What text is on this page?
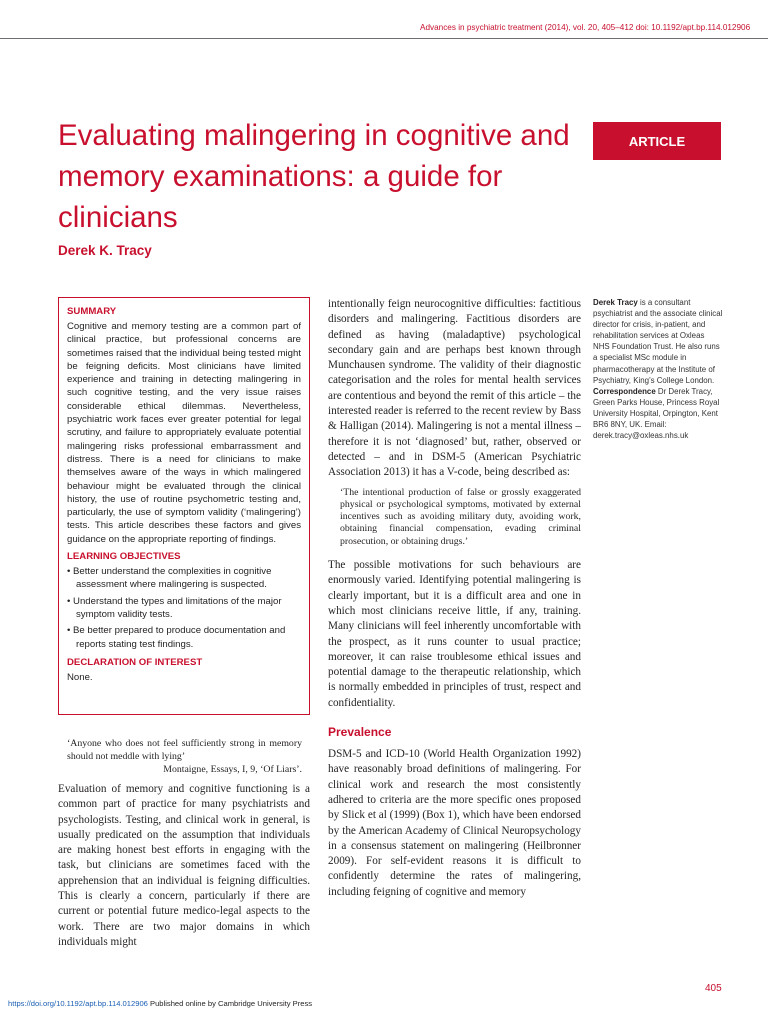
Advances in psychiatric treatment (2014), vol. 20, 405–412 doi: 10.1192/apt.bp.114.012906
Evaluating malingering in cognitive and memory examinations: a guide for clinicians
Derek K. Tracy
ARTICLE
SUMMARY
Cognitive and memory testing are a common part of clinical practice, but professional concerns are sometimes raised that the individual being tested might be feigning deficits. Most clinicians have limited experience and training in detecting malingering in such cognitive testing, and the very issue raises considerable ethical dilemmas. Nevertheless, psychiatric work faces ever greater potential for legal scrutiny, and failure to appropriately evaluate potential malingering risks professional embarrassment and distress. There is a need for clinicians to make themselves aware of the ways in which malingered behaviour might be evaluated through the clinical history, the use of routine psychometric testing and, particularly, the use of symptom validity (‘malingering’) tests. This article describes these factors and gives guidance on the appropriate reporting of findings.
LEARNING OBJECTIVES
• Better understand the complexities in cognitive assessment where malingering is suspected.
• Understand the types and limitations of the major symptom validity tests.
• Be better prepared to produce documentation and reports stating test findings.
DECLARATION OF INTEREST
None.
‘Anyone who does not feel sufficiently strong in memory should not meddle with lying’
Montaigne, Essays, I, 9, ‘Of Liars’.

Evaluation of memory and cognitive functioning is a common part of practice for many psychiatrists and psychologists. Testing, and clinical work in general, is usually predicated on the assumption that individuals are making honest best efforts in engaging with the task, but clinicians are sometimes faced with the apprehension that an individual is feigning difficulties. This is clearly a concern, particularly if there are current or potential future medico-legal aspects to the work. There are two major domains in which individuals might

intentionally feign neurocognitive difficulties: factitious disorders and malingering. Factitious disorders are defined as having (maladaptive) psychological secondary gain and are perhaps best known through Munchausen syndrome. The validity of their diagnostic categorisation and the roles for mental health services are contentious and beyond the remit of this article – the interested reader is referred to the recent review by Bass & Halligan (2014). Malingering is not a mental illness – therefore it is not ‘diagnosed’ but, rather, observed or detected – and in DSM-5 (American Psychiatric Association 2013) it has a V-code, being described as:

‘The intentional production of false or grossly exaggerated physical or psychological symptoms, motivated by external incentives such as avoiding military duty, avoiding work, obtaining financial compensation, evading criminal prosecution, or obtaining drugs.’

The possible motivations for such behaviours are enormously varied. Identifying potential malingering is clearly important, but it is a difficult area and one in which most clinicians receive little, if any, training. Many clinicians will feel inherently uncomfortable with the prospect, as it runs counter to usual practice; moreover, it can raise troublesome ethical issues and potential damage to the therapeutic relationship, which is normally embedded in principles of trust, respect and confidentiality.

Prevalence

DSM-5 and ICD-10 (World Health Organization 1992) have reasonably broad definitions of malingering. For clinical work and research the most consistently adhered to criteria are the more specific ones proposed by Slick et al (1999) (Box 1), which have been endorsed by the American Academy of Clinical Neuropsychology in a consensus statement on malingering (Heilbronner 2009). For self-evident reasons it is difficult to confidently determine the rates of malingering, including feigning of cognitive and memory

Derek Tracy is a consultant psychiatrist and the associate clinical director for crisis, in-patient, and rehabilitation services at Oxleas NHS Foundation Trust. He also runs a specialist MSc module in pharmacotherapy at the Institute of Psychiatry, King’s College London. Correspondence Dr Derek Tracy, Green Parks House, Princess Royal University Hospital, Orpington, Kent BR6 8NY, UK. Email: derek.tracy@oxleas.nhs.uk
405
https://doi.org/10.1192/apt.bp.114.012906 Published online by Cambridge University Press
